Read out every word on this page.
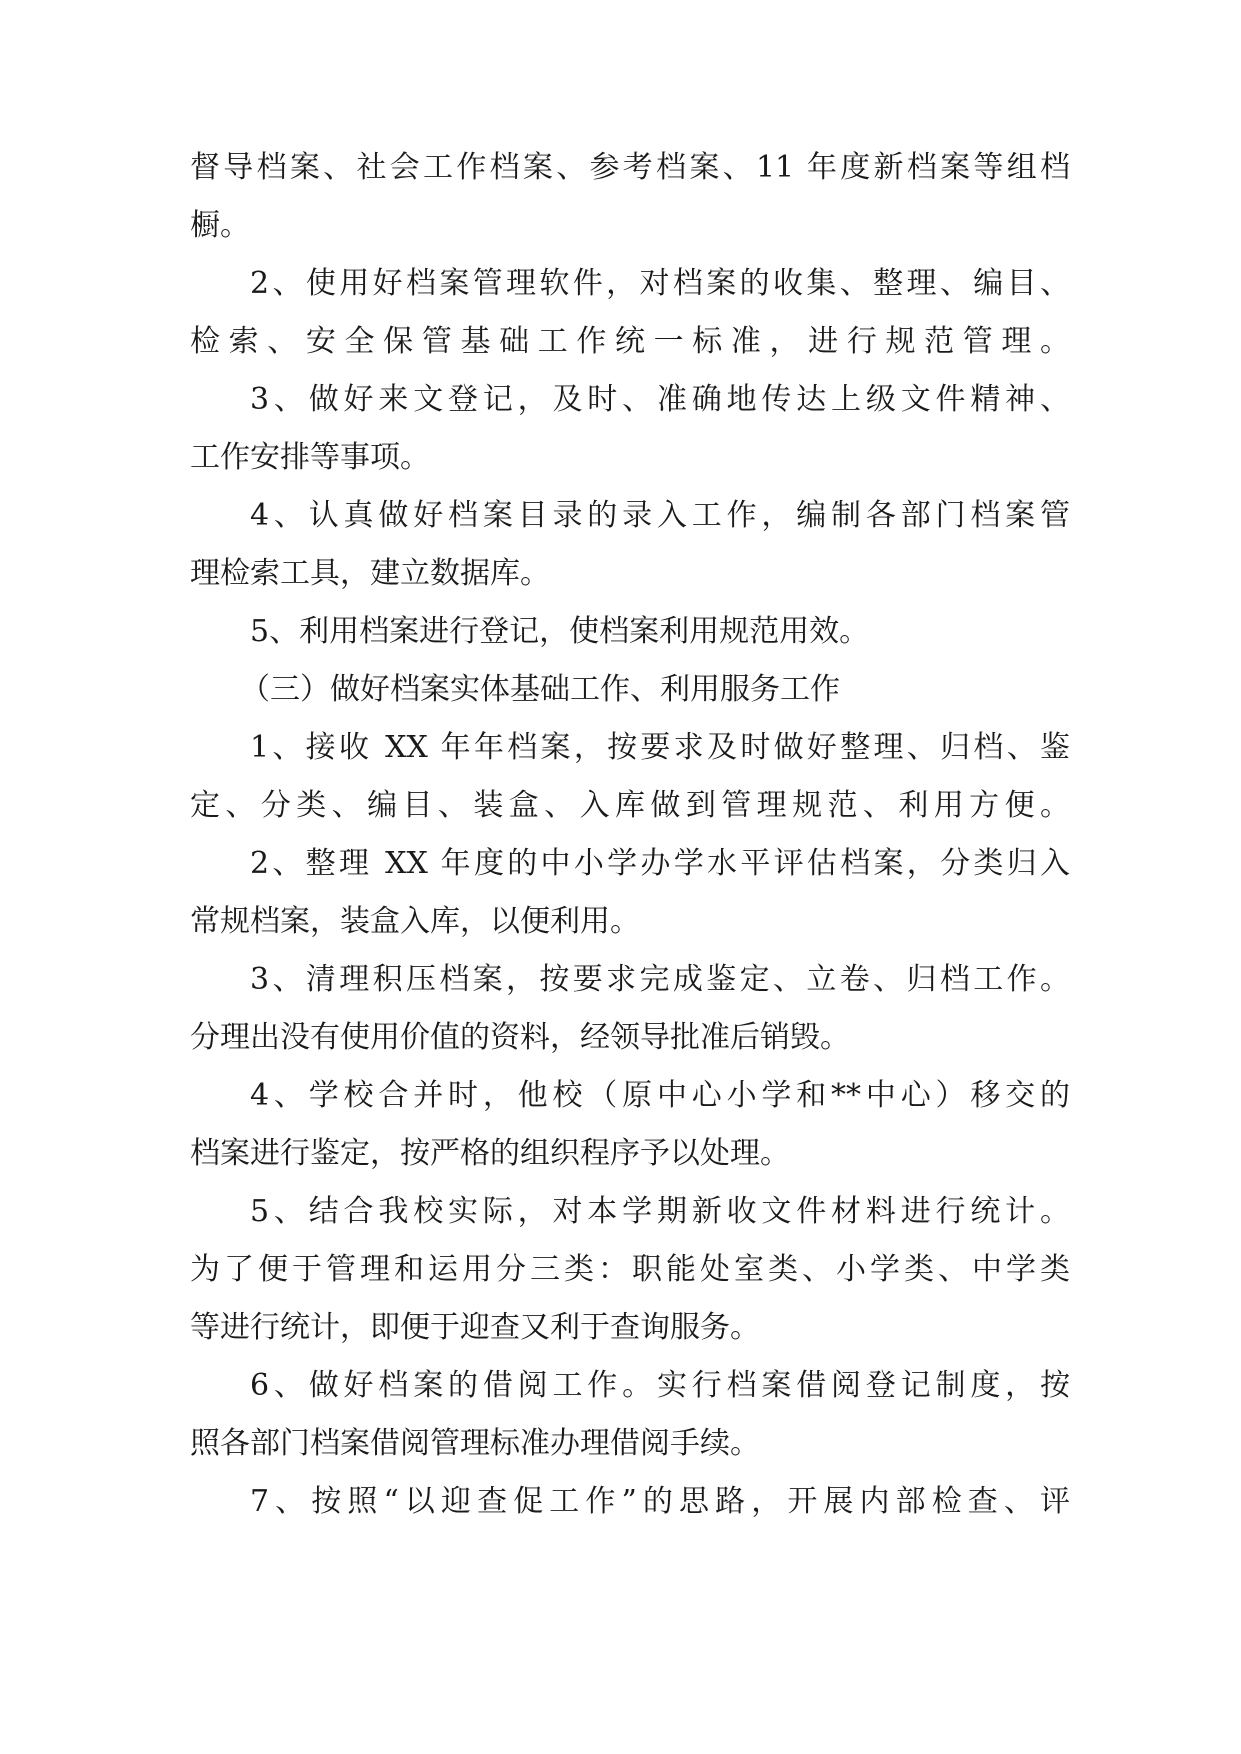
督导档案、社会工作档案、参考档案、11 年度新档案等组档
橱。
2、使用好档案管理软件，对档案的收集、整理、编目、
检索、安全保管基础工作统一标准，进行规范管理。
3、做好来文登记，及时、准确地传达上级文件精神、
工作安排等事项。
4、认真做好档案目录的录入工作，编制各部门档案管
理检索工具，建立数据库。
5、利用档案进行登记，使档案利用规范用效。
（三）做好档案实体基础工作、利用服务工作
1、接收 XX 年年档案，按要求及时做好整理、归档、鉴
定、分类、编目、装盒、入库做到管理规范、利用方便。
2、整理 XX 年度的中小学办学水平评估档案，分类归入
常规档案，装盒入库，以便利用。
3、清理积压档案，按要求完成鉴定、立卷、归档工作。
分理出没有使用价值的资料，经领导批准后销毁。
4、学校合并时，他校（原中心小学和**中心）移交的
档案进行鉴定，按严格的组织程序予以处理。
5、结合我校实际，对本学期新收文件材料进行统计。
为了便于管理和运用分三类：职能处室类、小学类、中学类
等进行统计，即便于迎查又利于查询服务。
6、做好档案的借阅工作。实行档案借阅登记制度，按
照各部门档案借阅管理标准办理借阅手续。
7、按照“以迎查促工作”的思路，开展内部检查、评
